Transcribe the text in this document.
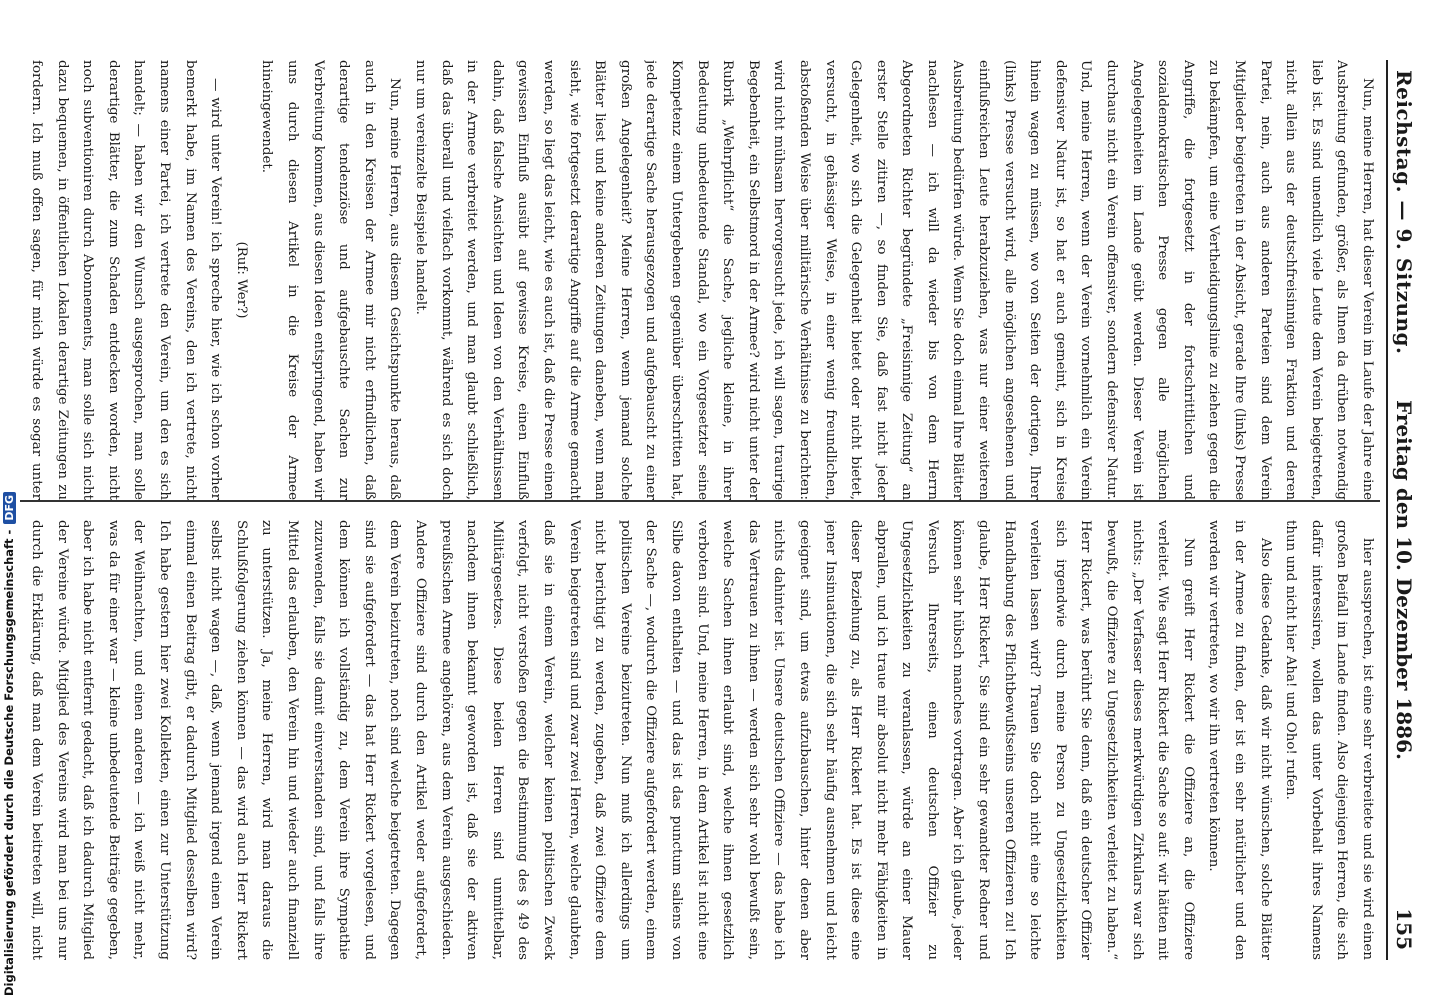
Digitalisierung gefördert durch die Deutsche Forschungsgemeinschaft -DFG
Reichstag. — 9. Sitzung.
Freitag den 10. Dezember 1886.
155

Nun, meine Herren, hat dieser Verein im Laufe der Jahre eine Ausbreitung gefunden, größer, als Ihnen da drüben notwendig lieb ist. Es sind unendlich viele Leute dem Verein beigetreten, nicht allein aus der deutschfreisinnigen Fraktion und deren Partei, nein, auch aus anderen Parteien sind dem Verein Mitglieder beigetreten in der Absicht, gerade Ihre (links) Presse zu bekämpfen, um eine Vertheidigungslinie zu ziehen gegen die Angriffe, die fortgesetzt in der fortschrittlichen und sozialdemokratischen Presse gegen alle möglichen Angelegenheiten im Lande geübt werden. Dieser Verein ist durchaus nicht ein Verein offensiver, sondern defensiver Natur. Und, meine Herren, wenn der Verein vornehmlich ein Verein defensiver Natur ist, so hat er auch gemeint, sich in Kreise hinein wagen zu müssen, wo von Seiten der dortigen, Ihrer (links) Presse versucht wird, alle möglichen angesehenen und einflußreichen Leute herabzuziehen, was nur einer weiteren Ausbreitung bedürfen würde. Wenn Sie doch einmal Ihre Blätter nachlesen — ich will da wieder bis von dem Herrn Abgeordneten Richter begründete „Freisinnige Zeitung“ an erster Stelle zitiren —, so finden Sie, daß fast nicht jeder Gelegenheit, wo sich die Gelegenheit bietet oder nicht bietet, versucht, in gehässiger Weise, in einer wenig freundlichen, abstoßenden Weise über militärische Verhältnisse zu berichten: wird nicht mühsam hervorgesucht jede, ich will sagen, traurige Begebenheit, ein Selbstmord in der Armee? wird nicht unter der Rubrik „Wehrpflicht“ die Sache, jegliche kleine, in ihrer Bedeutung unbedeutende Standal, wo ein Vorgesetzter seine Kompetenz einem Untergebenen gegenüber überschritten hat, jede derartige Sache herausgezogen und aufgebauscht zu einer großen Angelegenheit? Meine Herren, wenn jemand solche Blätter liest und keine anderen Zeitungen daneben, wenn man sieht, wie fortgesetzt derartige Angriffe auf die Armee gemacht werden, so liegt das leicht, wie es auch ist, daß die Presse einen gewissen Einfluß ausübt auf gewisse Kreise, einen Einfluß dahin, daß falsche Ansichten und Ideen von den Verhältnissen in der Armee verbreitet werden, und man glaubt schließlich, daß das überall und vielfach vorkommt, während es sich doch nur um vereinzelte Beispiele handelt.

Nun, meine Herren, aus diesem Gesichtspunkte heraus, daß auch in den Kreisen der Armee mir nicht erfindlichen, daß derartige tendenziöse und aufgebauschte Sachen zur Verbreitung kommen, aus diesen Ideen entspringend, haben wir uns durch diesen Artikel in die Kreise der Armee hineingewendet.

(Ruf: Wer?)

— wird unter Verein! ich spreche hier, wie ich schon vorher bemerkt habe, im Namen des Vereins, den ich vertrete, nicht namens einer Partei, ich vertrete den Verein, um den es sich handelt; — haben wir den Wunsch ausgesprochen, man solle derartige Blätter, die zum Schaden entdecken worden, nicht noch subventioniren durch Abonnements, man solle sich nicht dazu bequemen, in öffentlichen Lokalen derartige Zeitungen zu fordern. Ich muß offen sagen, für mich würde es sogar unter

hier aussprechen, ist eine sehr verbreitete und sie wird einen großen Beifall im Lande finden. Also diejenigen Herren, die sich dafür interessiren, wollen das unter Vorbehalt ihres Namens thun und nicht hier Aha! und Oho! rufen.

Also diese Gedanke, daß wir nicht wünschen, solche Blätter in der Armee zu finden, der ist ein sehr natürlicher und den werden wir vertreten, wo wir ihn vertreten können.

Nun greift Herr Rickert die Offiziere an, die Offiziere verleitet. Wie sagt Herr Rickert die Sache so auf: wir hätten mit nichts: „Der Verfasser dieses merkwürdigen Zirkulars war sich bewußt, die Offiziere zu Ungesetzlichkeiten verleitet zu haben.“ Herr Rickert, was berührt Sie denn, daß ein deutscher Offizier sich irgendwie durch meine Person zu Ungesetzlichkeiten verleiten lassen wird? Trauen Sie doch nicht eine so leichte Handhabung des Pflichtbewußtseins unseren Offizieren zu! Ich glaube, Herr Rickert, Sie sind ein sehr gewandter Redner und können sehr hübsch manches vortragen. Aber ich glaube, jeder Versuch Ihrerseits, einen deutschen Offizier zu Ungesetzlichkeiten zu veranlassen, würde an einer Mauer abprallen, und ich traue mir absolut nicht mehr Fähigkeiten in dieser Beziehung zu, als Herr Rickert hat. Es ist diese eine jener Insinuationen, die sich sehr häufig ausnehmen und leicht geeignet sind, um etwas aufzubauschen, hinter denen aber nichts dahinter ist. Unsere deutschen Offiziere — das habe ich das Vertrauen zu ihnen — werden sich sehr wohl bewußt sein, welche Sachen ihnen erlaubt sind, welche ihnen gesetzlich verboten sind. Und, meine Herren, in dem Artikel ist nicht eine Silbe davon enthalten — und das ist das punctum saliens von der Sache —, wodurch die Offiziere aufgefordert werden, einem politischen Vereine beizutreten. Nun muß ich allerdings um nicht berichtigt zu werden, zugeben, daß zwei Offiziere dem Verein beigetreten sind und zwar zwei Herren, welche glaubten, daß sie in einem Verein, welcher keinen politischen Zweck verfolgt, nicht verstoßen gegen die Bestimmung des § 49 des Militärgesetzes. Diese beiden Herren sind unmittelbar, nachdem ihnen bekannt geworden ist, daß sie der aktiven preußischen Armee angehören, aus dem Verein ausgeschieden. Andere Offiziere sind durch den Artikel weder aufgefordert, dem Verein beizutreten, noch sind welche beigetreten. Dagegen sind sie aufgefordert — das hat Herr Rickert vorgelesen, und dem können ich vollständig zu, dem Verein ihre Sympathie zuzuwenden, falls sie damit einverstanden sind, und falls ihre Mittel das erlauben, den Verein hin und wieder auch finanziell zu unterstützen. Ja, meine Herren, wird man daraus die Schlußfolgerung ziehen können — das wird auch Herr Rickert selbst nicht wagen —, daß, wenn jemand irgend einen Verein einmal einen Beitrag gibt, er dadurch Mitglied desselben wird? Ich habe gestern hier zwei Kollekten, einen zur Unterstützung der Weihnachten, und einen anderen — ich weiß nicht mehr, was da für einer war — kleine unbedeutende Beiträge gegeben, aber ich habe nicht entfernt gedacht, daß ich dadurch Mitglied der Vereine würde. Mitglied des Vereins wird man bei uns nur durch die Erklärung, daß man dem Verein beitreten will, nicht
